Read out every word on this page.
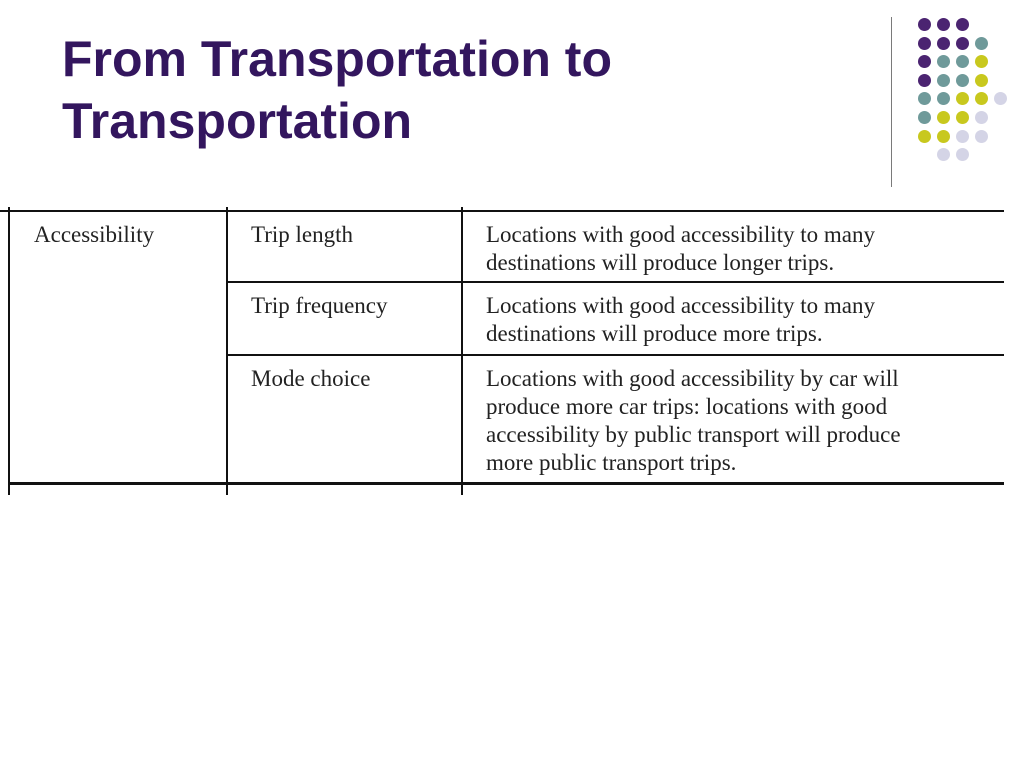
From Transportation to
Transportation
Accessibility	Trip length	Locations with good accessibility to many
destinations will produce longer trips.
Trip frequency	Locations with good accessibility to many
destinations will produce more trips.
Mode choice	Locations with good accessibility by car will
produce more car trips: locations with good
accessibility by public transport will produce
more public transport trips.
